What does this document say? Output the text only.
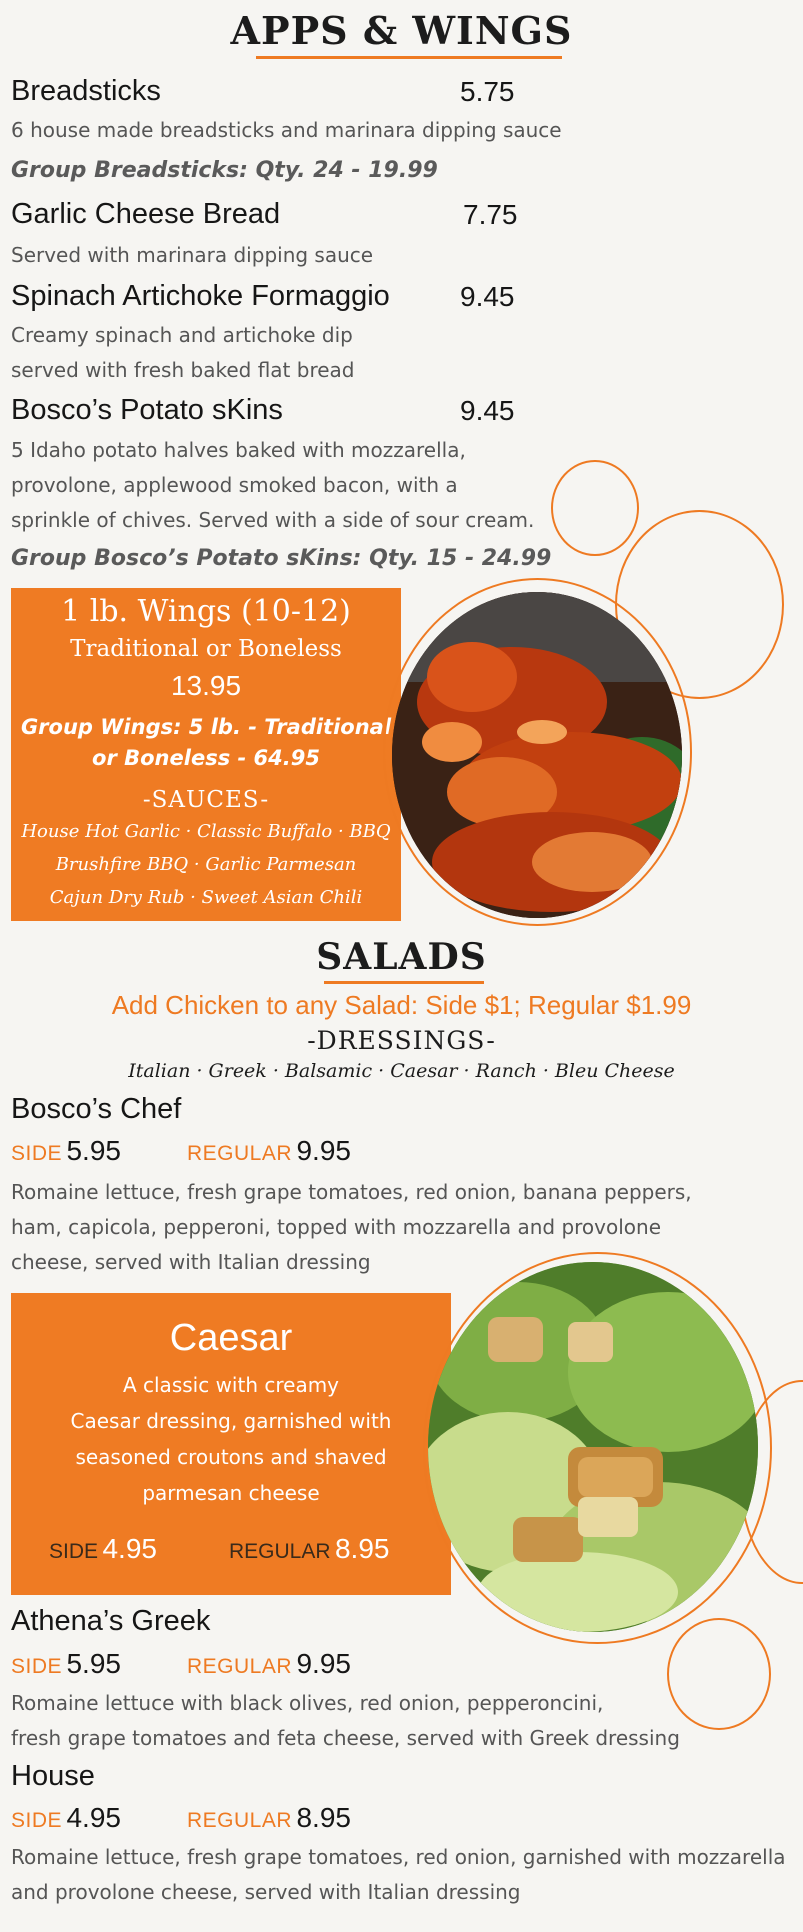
APPS & WINGS
Breadsticks	5.75
6 house made breadsticks and marinara dipping sauce
Group Breadsticks: Qty. 24 - 19.99
Garlic Cheese Bread	7.75
Served with marinara dipping sauce
Spinach Artichoke Formaggio	9.45
Creamy spinach and artichoke dip
served with fresh baked flat bread
Bosco’s Potato sKins	9.45
5 Idaho potato halves baked with mozzarella,
provolone, applewood smoked bacon, with a
sprinkle of chives. Served with a side of sour cream.
Group Bosco’s Potato sKins: Qty. 15 - 24.99
1 lb. Wings (10-12)
Traditional or Boneless
13.95
Group Wings: 5 lb. - Traditional
or Boneless - 64.95
-SAUCES-
House Hot Garlic · Classic Buffalo · BBQ
Brushfire BBQ · Garlic Parmesan
Cajun Dry Rub · Sweet Asian Chili
SALADS
Add Chicken to any Salad: Side $1; Regular $1.99
-DRESSINGS-
Italian · Greek · Balsamic · Caesar · Ranch · Bleu Cheese
Bosco’s Chef
SIDE 5.95	REGULAR 9.95
Romaine lettuce, fresh grape tomatoes, red onion, banana peppers,
ham, capicola, pepperoni, topped with mozzarella and provolone
cheese, served with Italian dressing
Caesar
A classic with creamy
Caesar dressing, garnished with
seasoned croutons and shaved
parmesan cheese
SIDE 4.95	REGULAR 8.95
Athena’s Greek
SIDE 5.95	REGULAR 9.95
Romaine lettuce with black olives, red onion, pepperoncini,
fresh grape tomatoes and feta cheese, served with Greek dressing
House
SIDE 4.95	REGULAR 8.95
Romaine lettuce, fresh grape tomatoes, red onion, garnished with mozzarella
and provolone cheese, served with Italian dressing
